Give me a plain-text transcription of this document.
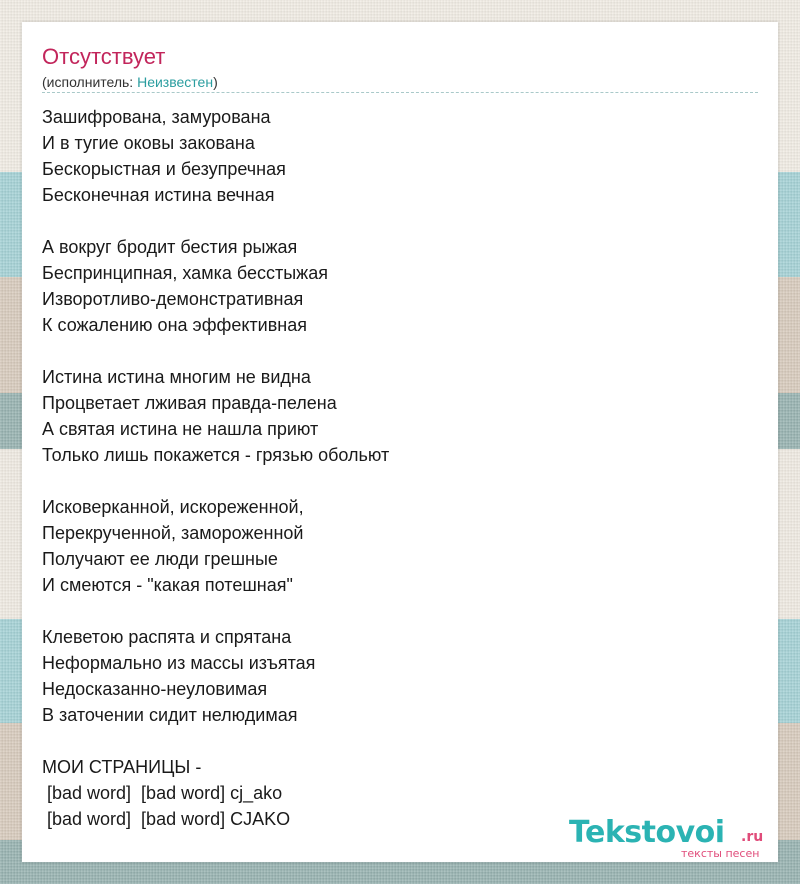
Отсутствует
(исполнитель: Неизвестен)
Зашифрована, замурована
И в тугие оковы закована
Бескорыстная и безупречная
Бесконечная истина вечная
А вокруг бродит бестия рыжая
Беспринципная, хамка бесстыжая
Изворотливо-демонстративная
К сожалению она эффективная
Истина истина многим не видна
Процветает лживая правда-пелена
А святая истина не нашла приют
Только лишь покажется - грязью обольют
Исковерканной, искореженной,
Перекрученной, замороженной
Получают ее люди грешные
И смеются - "какая потешная"
Клеветою распята и спрятана
Неформально из массы изъятая
Недосказанно-неуловимая
В заточении сидит нелюдимая
МОИ СТРАНИЦЫ -
[bad word]  [bad word] cj_ako
[bad word]  [bad word] CJAKO	Tekstovoi .ru
тексты песен
